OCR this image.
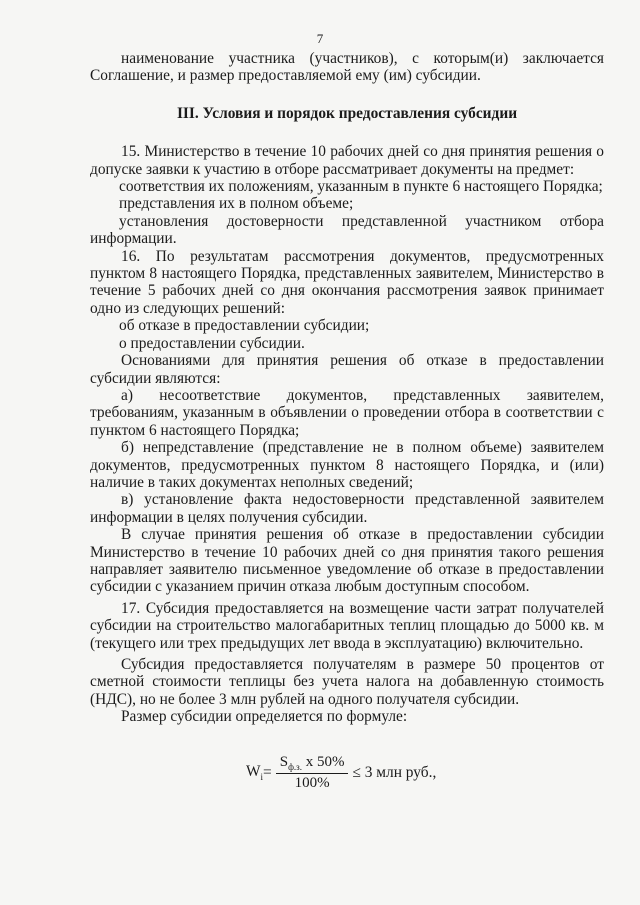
7

наименование участника (участников), с которым(и) заключается Соглашение, и размер предоставляемой ему (им) субсидии.

III. Условия и порядок предоставления субсидии

15. Министерство в течение 10 рабочих дней со дня принятия решения о допуске заявки к участию в отборе рассматривает документы на предмет:

соответствия их положениям, указанным в пункте 6 настоящего Порядка;

представления их в полном объеме;

установления достоверности представленной участником отбора информации.

16. По результатам рассмотрения документов, предусмотренных пунктом 8 настоящего Порядка, представленных заявителем, Министерство в течение 5 рабочих дней со дня окончания рассмотрения заявок принимает одно из следующих решений:

об отказе в предоставлении субсидии;

о предоставлении субсидии.

Основаниями для принятия решения об отказе в предоставлении субсидии являются:

а) несоответствие документов, представленных заявителем, требованиям, указанным в объявлении о проведении отбора в соответствии с пунктом 6 настоящего Порядка;

б) непредставление (представление не в полном объеме) заявителем документов, предусмотренных пунктом 8 настоящего Порядка, и (или) наличие в таких документах неполных сведений;

в) установление факта недостоверности представленной заявителем информации в целях получения субсидии.

В случае принятия решения об отказе в предоставлении субсидии Министерство в течение 10 рабочих дней со дня принятия такого решения направляет заявителю письменное уведомление об отказе в предоставлении субсидии с указанием причин отказа любым доступным способом.

17. Субсидия предоставляется на возмещение части затрат получателей субсидии на строительство малогабаритных теплиц площадью до 5000 кв. м (текущего или трех предыдущих лет ввода в эксплуатацию) включительно.

Субсидия предоставляется получателям в размере 50 процентов от сметной стоимости теплицы без учета налога на добавленную стоимость (НДС), но не более 3 млн рублей на одного получателя субсидии.

Размер субсидии определяется по формуле:

$W_i = \frac{S_{ф.з.} x 50\%}{100\%} \le 3$ млн руб.,
